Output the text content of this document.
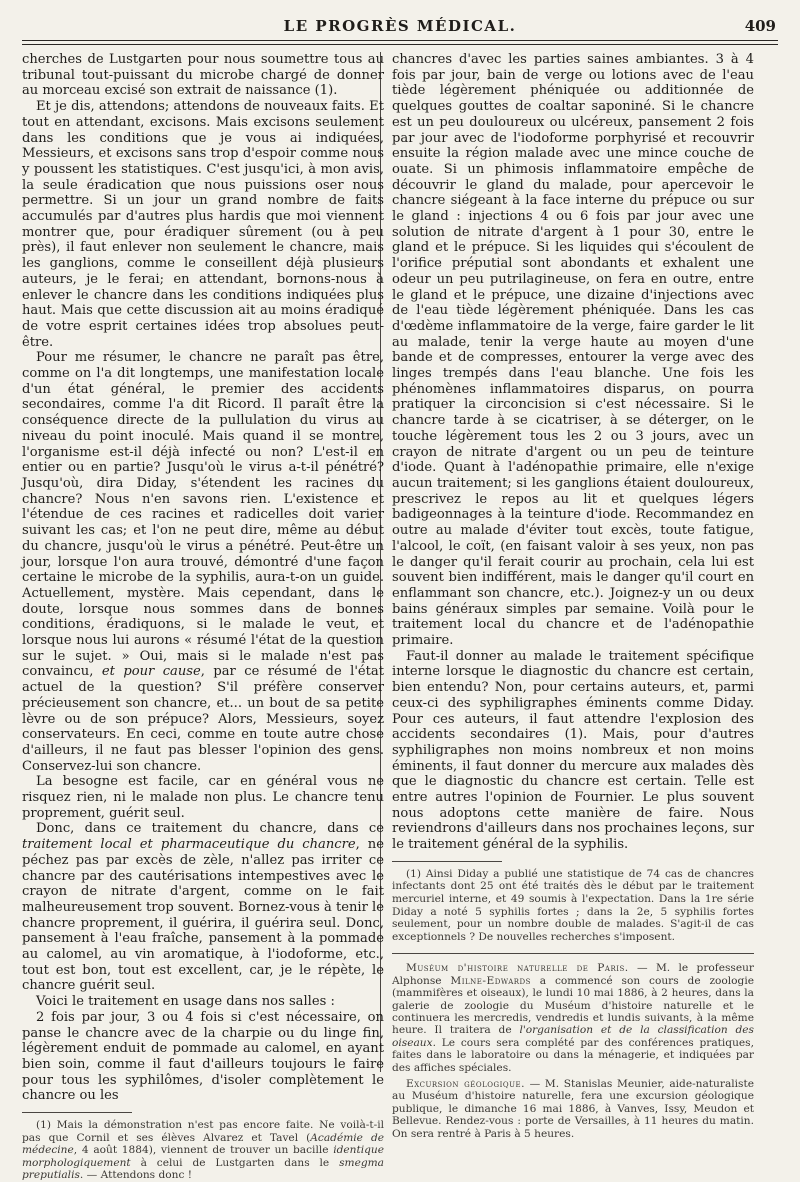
LE PROGRÈS MÉDICAL.	409

cherches de Lustgarten pour nous soumettre tous au tribunal tout-puissant du microbe chargé de donner au morceau excisé son extrait de naissance (1).

Et je dis, attendons; attendons de nouveaux faits. Et tout en attendant, excisons. Mais excisons seulement dans les conditions que je vous ai indiquées, Messieurs, et excisons sans trop d'espoir comme nous y poussent les statistiques. C'est jusqu'ici, à mon avis, la seule éradication que nous puissions oser nous permettre. Si un jour un grand nombre de faits accumulés par d'autres plus hardis que moi viennent montrer que, pour éradiquer sûrement (ou à peu près), il faut enlever non seulement le chancre, mais les ganglions, comme le conseillent déjà plusieurs auteurs, je le ferai; en attendant, bornons-nous à enlever le chancre dans les conditions indiquées plus haut. Mais que cette discussion ait au moins éradiqué de votre esprit certaines idées trop absolues peut-être.

Pour me résumer, le chancre ne paraît pas être, comme on l'a dit longtemps, une manifestation locale d'un état général, le premier des accidents secondaires, comme l'a dit Ricord. Il paraît être la conséquence directe de la pullulation du virus au niveau du point inoculé. Mais quand il se montre, l'organisme est-il déjà infecté ou non? L'est-il en entier ou en partie? Jusqu'où le virus a-t-il pénétré? Jusqu'où, dira Diday, s'étendent les racines du chancre? Nous n'en savons rien. L'existence et l'étendue de ces racines et radicelles doit varier suivant les cas; et l'on ne peut dire, même au début du chancre, jusqu'où le virus a pénétré. Peut-être un jour, lorsque l'on aura trouvé, démontré d'une façon certaine le microbe de la syphilis, aura-t-on un guide. Actuellement, mystère. Mais cependant, dans le doute, lorsque nous sommes dans de bonnes conditions, éradiquons, si le malade le veut, et lorsque nous lui aurons « résumé l'état de la question sur le sujet. » Oui, mais si le malade n'est pas convaincu, et pour cause, par ce résumé de l'état actuel de la question? S'il préfère conserver précieusement son chancre, et... un bout de sa petite lèvre ou de son prépuce? Alors, Messieurs, soyez conservateurs. En ceci, comme en toute autre chose d'ailleurs, il ne faut pas blesser l'opinion des gens. Conservez-lui son chancre.

La besogne est facile, car en général vous ne risquez rien, ni le malade non plus. Le chancre tenu proprement, guérit seul.

Donc, dans ce traitement du chancre, dans ce traitement local et pharmaceutique du chancre, ne péchez pas par excès de zèle, n'allez pas irriter ce chancre par des cautérisations intempestives avec le crayon de nitrate d'argent, comme on le fait malheureusement trop souvent. Bornez-vous à tenir le chancre proprement, il guérira, il guérira seul. Donc, pansement à l'eau fraîche, pansement à la pommade au calomel, au vin aromatique, à l'iodoforme, etc., tout est bon, tout est excellent, car, je le répète, le chancre guérit seul.

Voici le traitement en usage dans nos salles :

2 fois par jour, 3 ou 4 fois si c'est nécessaire, on panse le chancre avec de la charpie ou du linge fin, légèrement enduit de pommade au calomel, en ayant bien soin, comme il faut d'ailleurs toujours le faire pour tous les syphilômes, d'isoler complètement le chancre ou les

(1) Mais la démonstration n'est pas encore faite. Ne voilà-t-il pas que Cornil et ses élèves Alvarez et Tavel (Académie de médecine, 4 août 1884), viennent de trouver un bacille identique morphologiquement à celui de Lustgarten dans le smegma preputialis. — Attendons donc !

chancres d'avec les parties saines ambiantes. 3 à 4 fois par jour, bain de verge ou lotions avec de l'eau tiède légèrement phéniquée ou additionnée de quelques gouttes de coaltar saponiné. Si le chancre est un peu douloureux ou ulcéreux, pansement 2 fois par jour avec de l'iodoforme porphyrisé et recouvrir ensuite la région malade avec une mince couche de ouate. Si un phimosis inflammatoire empêche de découvrir le gland du malade, pour apercevoir le chancre siégeant à la face interne du prépuce ou sur le gland : injections 4 ou 6 fois par jour avec une solution de nitrate d'argent à 1 pour 30, entre le gland et le prépuce. Si les liquides qui s'écoulent de l'orifice préputial sont abondants et exhalent une odeur un peu putrilagineuse, on fera en outre, entre le gland et le prépuce, une dizaine d'injections avec de l'eau tiède légèrement phéniquée. Dans les cas d'œdème inflammatoire de la verge, faire garder le lit au malade, tenir la verge haute au moyen d'une bande et de compresses, entourer la verge avec des linges trempés dans l'eau blanche. Une fois les phénomènes inflammatoires disparus, on pourra pratiquer la circoncision si c'est nécessaire. Si le chancre tarde à se cicatriser, à se déterger, on le touche légèrement tous les 2 ou 3 jours, avec un crayon de nitrate d'argent ou un peu de teinture d'iode. Quant à l'adénopathie primaire, elle n'exige aucun traitement; si les ganglions étaient douloureux, prescrivez le repos au lit et quelques légers badigeonnages à la teinture d'iode. Recommandez en outre au malade d'éviter tout excès, toute fatigue, l'alcool, le coït, (en faisant valoir à ses yeux, non pas le danger qu'il ferait courir au prochain, cela lui est souvent bien indifférent, mais le danger qu'il court en enflammant son chancre, etc.). Joignez-y un ou deux bains généraux simples par semaine. Voilà pour le traitement local du chancre et de l'adénopathie primaire.

Faut-il donner au malade le traitement spécifique interne lorsque le diagnostic du chancre est certain, bien entendu? Non, pour certains auteurs, et, parmi ceux-ci des syphiligraphes éminents comme Diday. Pour ces auteurs, il faut attendre l'explosion des accidents secondaires (1). Mais, pour d'autres syphiligraphes non moins nombreux et non moins éminents, il faut donner du mercure aux malades dès que le diagnostic du chancre est certain. Telle est entre autres l'opinion de Fournier. Le plus souvent nous adoptons cette manière de faire. Nous reviendrons d'ailleurs dans nos prochaines leçons, sur le traitement général de la syphilis.

(1) Ainsi Diday a publié une statistique de 74 cas de chancres infectants dont 25 ont été traités dès le début par le traitement mercuriel interne, et 49 soumis à l'expectation. Dans la 1re série Diday a noté 5 syphilis fortes ; dans la 2e, 5 syphilis fortes seulement, pour un nombre double de malades. S'agit-il de cas exceptionnels ? De nouvelles recherches s'imposent.

Muséum d'histoire naturelle de Paris. — M. le professeur Alphonse Milne-Edwards a commencé son cours de zoologie (mammifères et oiseaux), le lundi 10 mai 1886, à 2 heures, dans la galerie de zoologie du Muséum d'histoire naturelle et le continuera les mercredis, vendredis et lundis suivants, à la même heure. Il traitera de l'organisation et de la classification des oiseaux. Le cours sera complété par des conférences pratiques, faites dans le laboratoire ou dans la ménagerie, et indiquées par des affiches spéciales.

Excursion géologique. — M. Stanislas Meunier, aide-naturaliste au Muséum d'histoire naturelle, fera une excursion géologique publique, le dimanche 16 mai 1886, à Vanves, Issy, Meudon et Bellevue. Rendez-vous : porte de Versailles, à 11 heures du matin. On sera rentré à Paris à 5 heures.
